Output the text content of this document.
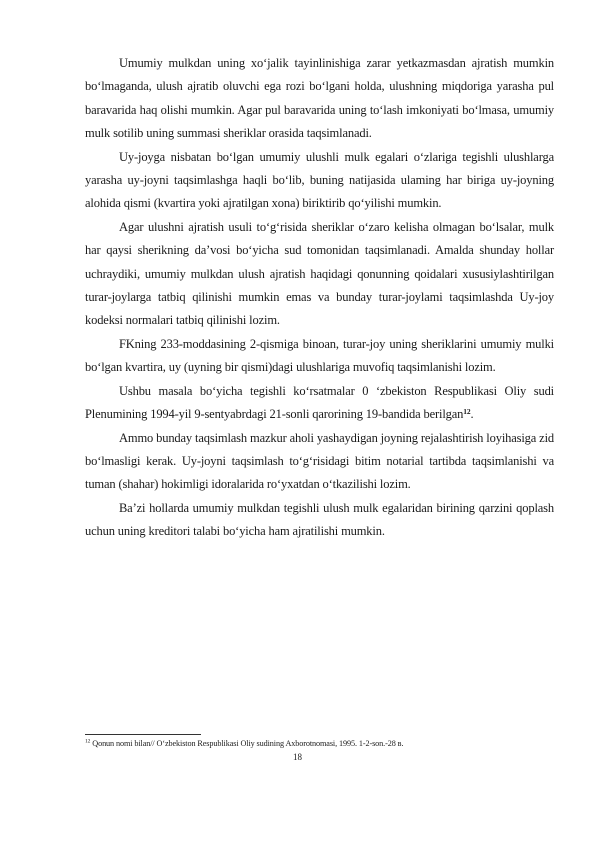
Umumiy mulkdan uning xo‘jalik tayinlinishiga zarar yetkazmasdan ajratish mumkin bo‘lmaganda, ulush ajratib oluvchi ega rozi bo‘lgani holda, ulushning miqdoriga yarasha pul baravarida haq olishi mumkin. Agar pul baravarida uning to‘lash imkoniyati bo‘lmasa, umumiy mulk sotilib uning summasi sheriklar orasida taqsimlanadi.

Uy-joyga nisbatan bo‘lgan umumiy ulushli mulk egalari o‘zlariga tegishli ulushlarga yarasha uy-joyni taqsimlashga haqli bo‘lib, buning natijasida ulaming har biriga uy-joyning alohida qismi (kvartira yoki ajratilgan xona) biriktirib qo‘yilishi mumkin.

Agar ulushni ajratish usuli to‘g‘risida sheriklar o‘zaro kelisha olmagan bo‘lsalar, mulk har qaysi sherikning da’vosi bo‘yicha sud tomonidan taqsimlanadi. Amalda shunday hollar uchraydiki, umumiy mulkdan ulush ajratish haqidagi qonunning qoidalari xususiylashtirilgan turar-joylarga tatbiq qilinishi mumkin emas va bunday turar-joylami taqsimlashda Uy-joy kodeksi normalari tatbiq qilinishi lozim.

FKning 233-moddasining 2-qismiga binoan, turar-joy uning sheriklarini umumiy mulki bo‘lgan kvartira, uy (uyning bir qismi)dagi ulushlariga muvofiq taqsimlanishi lozim.

Ushbu masala bo‘yicha tegishli ko‘rsatmalar 0 ‘zbekiston Respublikasi Oliy sudi Plenumining 1994-yil 9-sentyabrdagi 21-sonli qarorining 19-bandida berilgan$^{12}$.

Ammo bunday taqsimlash mazkur aholi yashaydigan joyning rejalashtirish loyihasiga zid bo‘lmasligi kerak. Uy-joyni taqsimlash to‘g‘risidagi bitim notarial tartibda taqsimlanishi va tuman (shahar) hokimligi idoralarida ro‘yxatdan o‘tkazilishi lozim.

Ba’zi hollarda umumiy mulkdan tegishli ulush mulk egalaridan birining qarzini qoplash uchun uning kreditori talabi bo‘yicha ham ajratilishi mumkin.

$^{12}$ Qonun nomi bilan// O‘zbekiston Respublikasi Oliy sudining Axborotnomasi, 1995. 1-2-son.-28 в.
18
